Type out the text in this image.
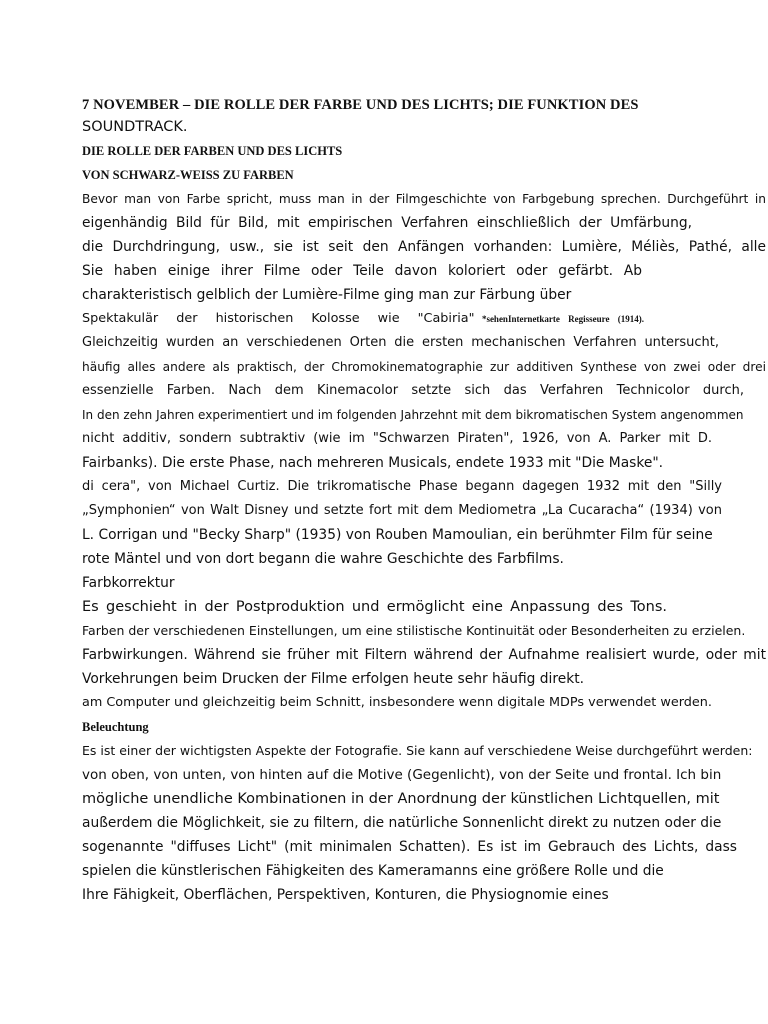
7 NOVEMBER – DIE ROLLE DER FARBE UND DES LICHTS; DIE FUNKTION DES
SOUNDTRACK.
DIE ROLLE DER FARBEN UND DES LICHTS
VON SCHWARZ-WEISS ZU FARBEN
Bevor man von Farbe spricht, muss man in der Filmgeschichte von Farbgebung sprechen. Durchgeführt in
eigenhändig Bild für Bild, mit empirischen Verfahren einschließlich der Umfärbung,
die Durchdringung, usw., sie ist seit den Anfängen vorhanden: Lumière, Méliès, Pathé, alle
Sie haben einige ihrer Filme oder Teile davon koloriert oder gefärbt. Ab
charakteristisch gelblich der Lumière-Filme ging man zur Färbung über
Spektakulär der historischen Kolosse wie "Cabiria" *sehenInternetkarte Regisseure (1914).
Gleichzeitig wurden an verschiedenen Orten die ersten mechanischen Verfahren untersucht,
häufig alles andere als praktisch, der Chromokinematographie zur additiven Synthese von zwei oder drei
essenzielle Farben. Nach dem Kinemacolor setzte sich das Verfahren Technicolor durch,
In den zehn Jahren experimentiert und im folgenden Jahrzehnt mit dem bikromatischen System angenommen
nicht additiv, sondern subtraktiv (wie im "Schwarzen Piraten", 1926, von A. Parker mit D.
Fairbanks). Die erste Phase, nach mehreren Musicals, endete 1933 mit "Die Maske".
di cera", von Michael Curtiz. Die trikromatische Phase begann dagegen 1932 mit den "Silly
„Symphonien“ von Walt Disney und setzte fort mit dem Mediometra „La Cucaracha“ (1934) von
L. Corrigan und "Becky Sharp" (1935) von Rouben Mamoulian, ein berühmter Film für seine
rote Mäntel und von dort begann die wahre Geschichte des Farbfilms.
Farbkorrektur
Es geschieht in der Postproduktion und ermöglicht eine Anpassung des Tons.
Farben der verschiedenen Einstellungen, um eine stilistische Kontinuität oder Besonderheiten zu erzielen.
Farbwirkungen. Während sie früher mit Filtern während der Aufnahme realisiert wurde, oder mit
Vorkehrungen beim Drucken der Filme erfolgen heute sehr häufig direkt.
am Computer und gleichzeitig beim Schnitt, insbesondere wenn digitale MDPs verwendet werden.
Beleuchtung
Es ist einer der wichtigsten Aspekte der Fotografie. Sie kann auf verschiedene Weise durchgeführt werden:
von oben, von unten, von hinten auf die Motive (Gegenlicht), von der Seite und frontal. Ich bin
mögliche unendliche Kombinationen in der Anordnung der künstlichen Lichtquellen, mit
außerdem die Möglichkeit, sie zu filtern, die natürliche Sonnenlicht direkt zu nutzen oder die
sogenannte "diffuses Licht" (mit minimalen Schatten). Es ist im Gebrauch des Lichts, dass
spielen die künstlerischen Fähigkeiten des Kameramanns eine größere Rolle und die
Ihre Fähigkeit, Oberflächen, Perspektiven, Konturen, die Physiognomie eines
